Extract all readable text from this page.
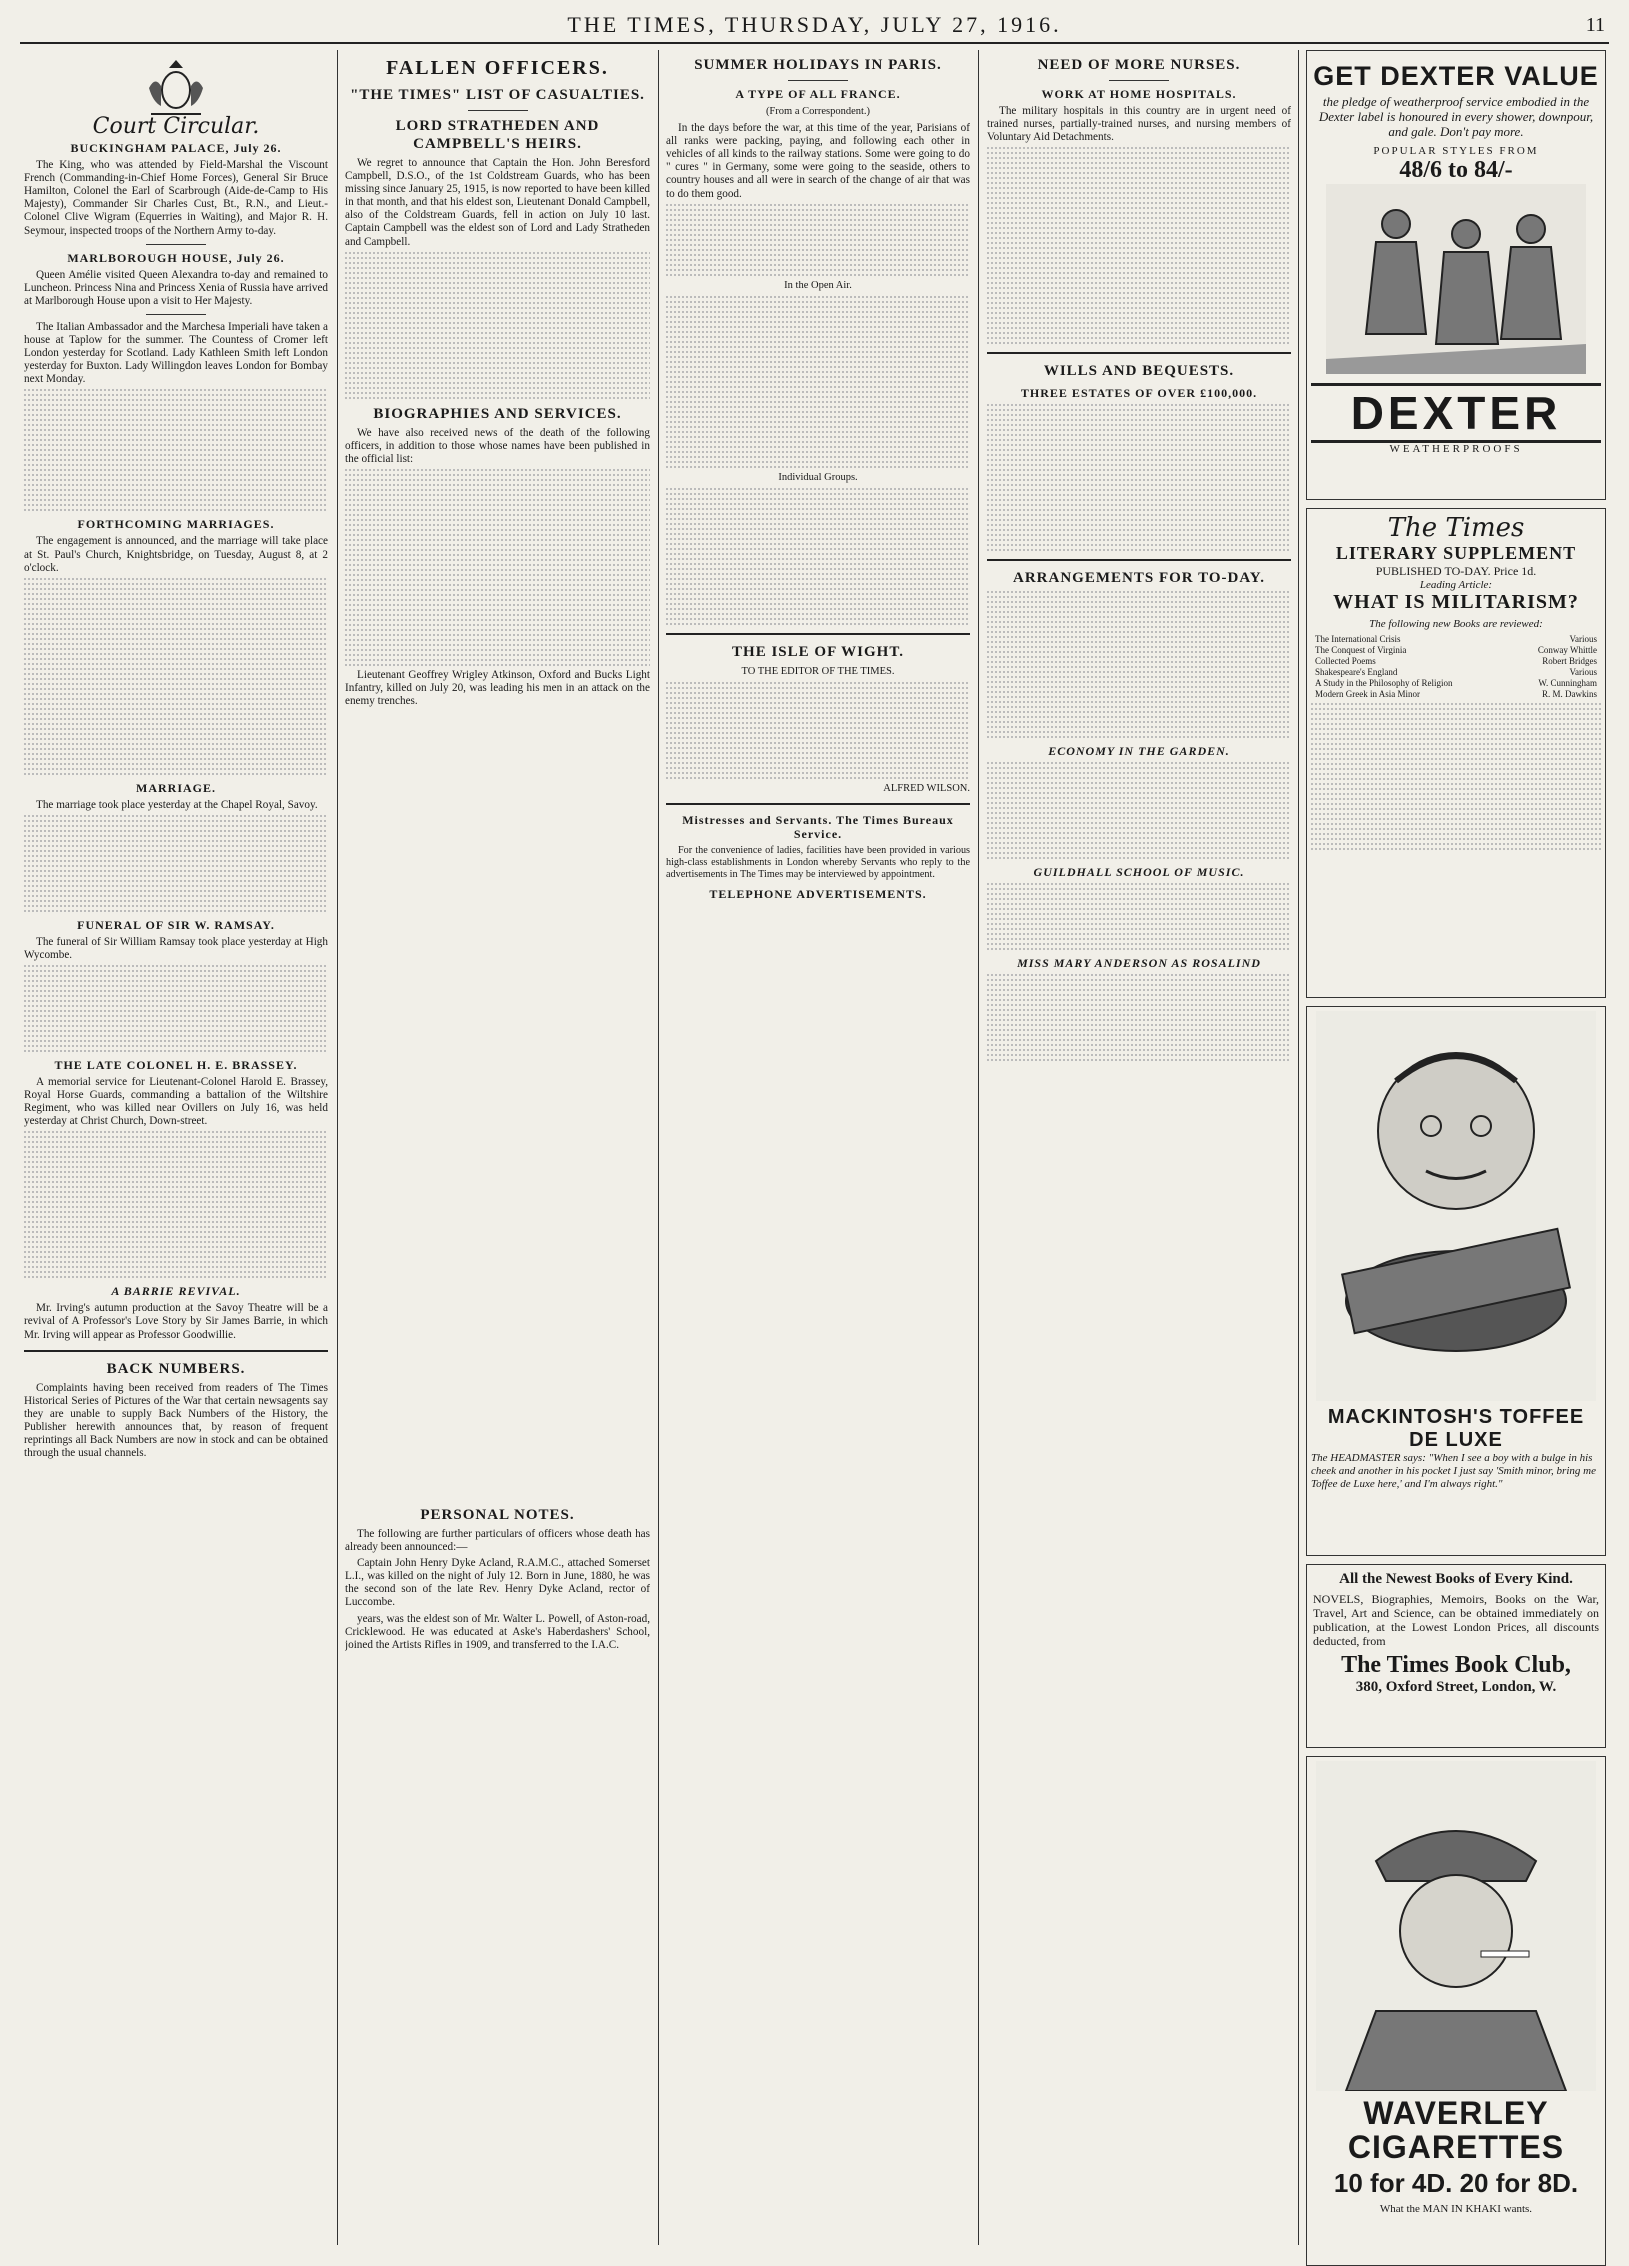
THE TIMES, THURSDAY, JULY 27, 1916.	11
Court Circular.
BUCKINGHAM PALACE, July 26.

The King, who was attended by Field-Marshal the Viscount French (Commanding-in-Chief Home Forces), General Sir Bruce Hamilton, Colonel the Earl of Scarbrough (Aide-de-Camp to His Majesty), Commander Sir Charles Cust, Bt., R.N., and Lieut.-Colonel Clive Wigram (Equerries in Waiting), and Major R. H. Seymour, inspected troops of the Northern Army to-day.

MARLBOROUGH HOUSE, July 26.

Queen Amélie visited Queen Alexandra to-day and remained to Luncheon. Princess Nina and Princess Xenia of Russia have arrived at Marlborough House upon a visit to Her Majesty.

The Italian Ambassador and the Marchesa Imperiali have taken a house at Taplow for the summer. The Countess of Cromer left London yesterday for Scotland. Lady Kathleen Smith left London yesterday for Buxton. Lady Willingdon leaves London for Bombay next Monday.

FORTHCOMING MARRIAGES.

The engagement is announced, and the marriage will take place at St. Paul's Church, Knightsbridge, on Tuesday, August 8, at 2 o'clock.

MARRIAGE.

The marriage took place yesterday at the Chapel Royal, Savoy.

FUNERAL OF SIR W. RAMSAY.

The funeral of Sir William Ramsay took place yesterday at High Wycombe.

THE LATE COLONEL H. E. BRASSEY.

A memorial service for Lieutenant-Colonel Harold E. Brassey, Royal Horse Guards, commanding a battalion of the Wiltshire Regiment, who was killed near Ovillers on July 16, was held yesterday at Christ Church, Down-street.

A BARRIE REVIVAL.

Mr. Irving's autumn production at the Savoy Theatre will be a revival of A Professor's Love Story by Sir James Barrie, in which Mr. Irving will appear as Professor Goodwillie.

BACK NUMBERS.

Complaints having been received from readers of The Times Historical Series of Pictures of the War that certain newsagents say they are unable to supply Back Numbers of the History, the Publisher herewith announces that, by reason of frequent reprintings all Back Numbers are now in stock and can be obtained through the usual channels.

FALLEN OFFICERS.
"THE TIMES" LIST OF CASUALTIES.
LORD STRATHEDEN AND CAMPBELL'S HEIRS.

We regret to announce that Captain the Hon. John Beresford Campbell, D.S.O., of the 1st Coldstream Guards, who has been missing since January 25, 1915, is now reported to have been killed in that month, and that his eldest son, Lieutenant Donald Campbell, also of the Coldstream Guards, fell in action on July 10 last. Captain Campbell was the eldest son of Lord and Lady Stratheden and Campbell.

BIOGRAPHIES AND SERVICES.

We have also received news of the death of the following officers, in addition to those whose names have been published in the official list:

Lieutenant Geoffrey Wrigley Atkinson, Oxford and Bucks Light Infantry, killed on July 20, was leading his men in an attack on the enemy trenches.

SUMMER HOLIDAYS IN PARIS.
A TYPE OF ALL FRANCE.
(From a Correspondent.)

In the days before the war, at this time of the year, Parisians of all ranks were packing, paying, and following each other in vehicles of all kinds to the railway stations. Some were going to do " cures " in Germany, some were going to the seaside, others to country houses and all were in search of the change of air that was to do them good.

In the Open Air.
Individual Groups.
THE ISLE OF WIGHT.
TO THE EDITOR OF THE TIMES.
ALFRED WILSON.
Mistresses and Servants. The Times Bureaux Service.

For the convenience of ladies, facilities have been provided in various high-class establishments in London whereby Servants who reply to the advertisements in The Times may be interviewed by appointment.

TELEPHONE ADVERTISEMENTS.
GET DEXTER VALUE
the pledge of weatherproof service embodied in the Dexter label is honoured in every shower, downpour, and gale. Don't pay more.
POPULAR STYLES FROM
48/6 to 84/-
DEXTER
WEATHERPROOFS
The Times
LITERARY SUPPLEMENT
PUBLISHED TO-DAY. Price 1d.
Leading Article:
WHAT IS MILITARISM?
The following new Books are reviewed:
The International Crisis	Various
The Conquest of Virginia	Conway Whittle
Collected Poems	Robert Bridges
Shakespeare's England	Various
A Study in the Philosophy of Religion	W. Cunningham
Modern Greek in Asia Minor	R. M. Dawkins
MACKINTOSH'S TOFFEE DE LUXE
The HEADMASTER says: "When I see a boy with a bulge in his cheek and another in his pocket I just say 'Smith minor, bring me Toffee de Luxe here,' and I'm always right."
All the Newest Books of Every Kind.
NOVELS, Biographies, Memoirs, Books on the War, Travel, Art and Science, can be obtained immediately on publication, at the Lowest London Prices, all discounts deducted, from
The Times Book Club,
380, Oxford Street, London, W.
WAVERLEY CIGARETTES
10 for 4D. 20 for 8D.
What the MAN IN KHAKI wants.
NEED OF MORE NURSES.
WORK AT HOME HOSPITALS.

The military hospitals in this country are in urgent need of trained nurses, partially-trained nurses, and nursing members of Voluntary Aid Detachments.

WILLS AND BEQUESTS.
THREE ESTATES OF OVER £100,000.
ARRANGEMENTS FOR TO-DAY.
ECONOMY IN THE GARDEN.
GUILDHALL SCHOOL OF MUSIC.
MISS MARY ANDERSON AS ROSALIND
PERSONAL NOTES.

The following are further particulars of officers whose death has already been announced:—

Captain John Henry Dyke Acland, R.A.M.C., attached Somerset L.I., was killed on the night of July 12. Born in June, 1880, he was the second son of the late Rev. Henry Dyke Acland, rector of Luccombe.

years, was the eldest son of Mr. Walter L. Powell, of Aston-road, Cricklewood. He was educated at Aske's Haberdashers' School, joined the Artists Rifles in 1909, and transferred to the I.A.C.
